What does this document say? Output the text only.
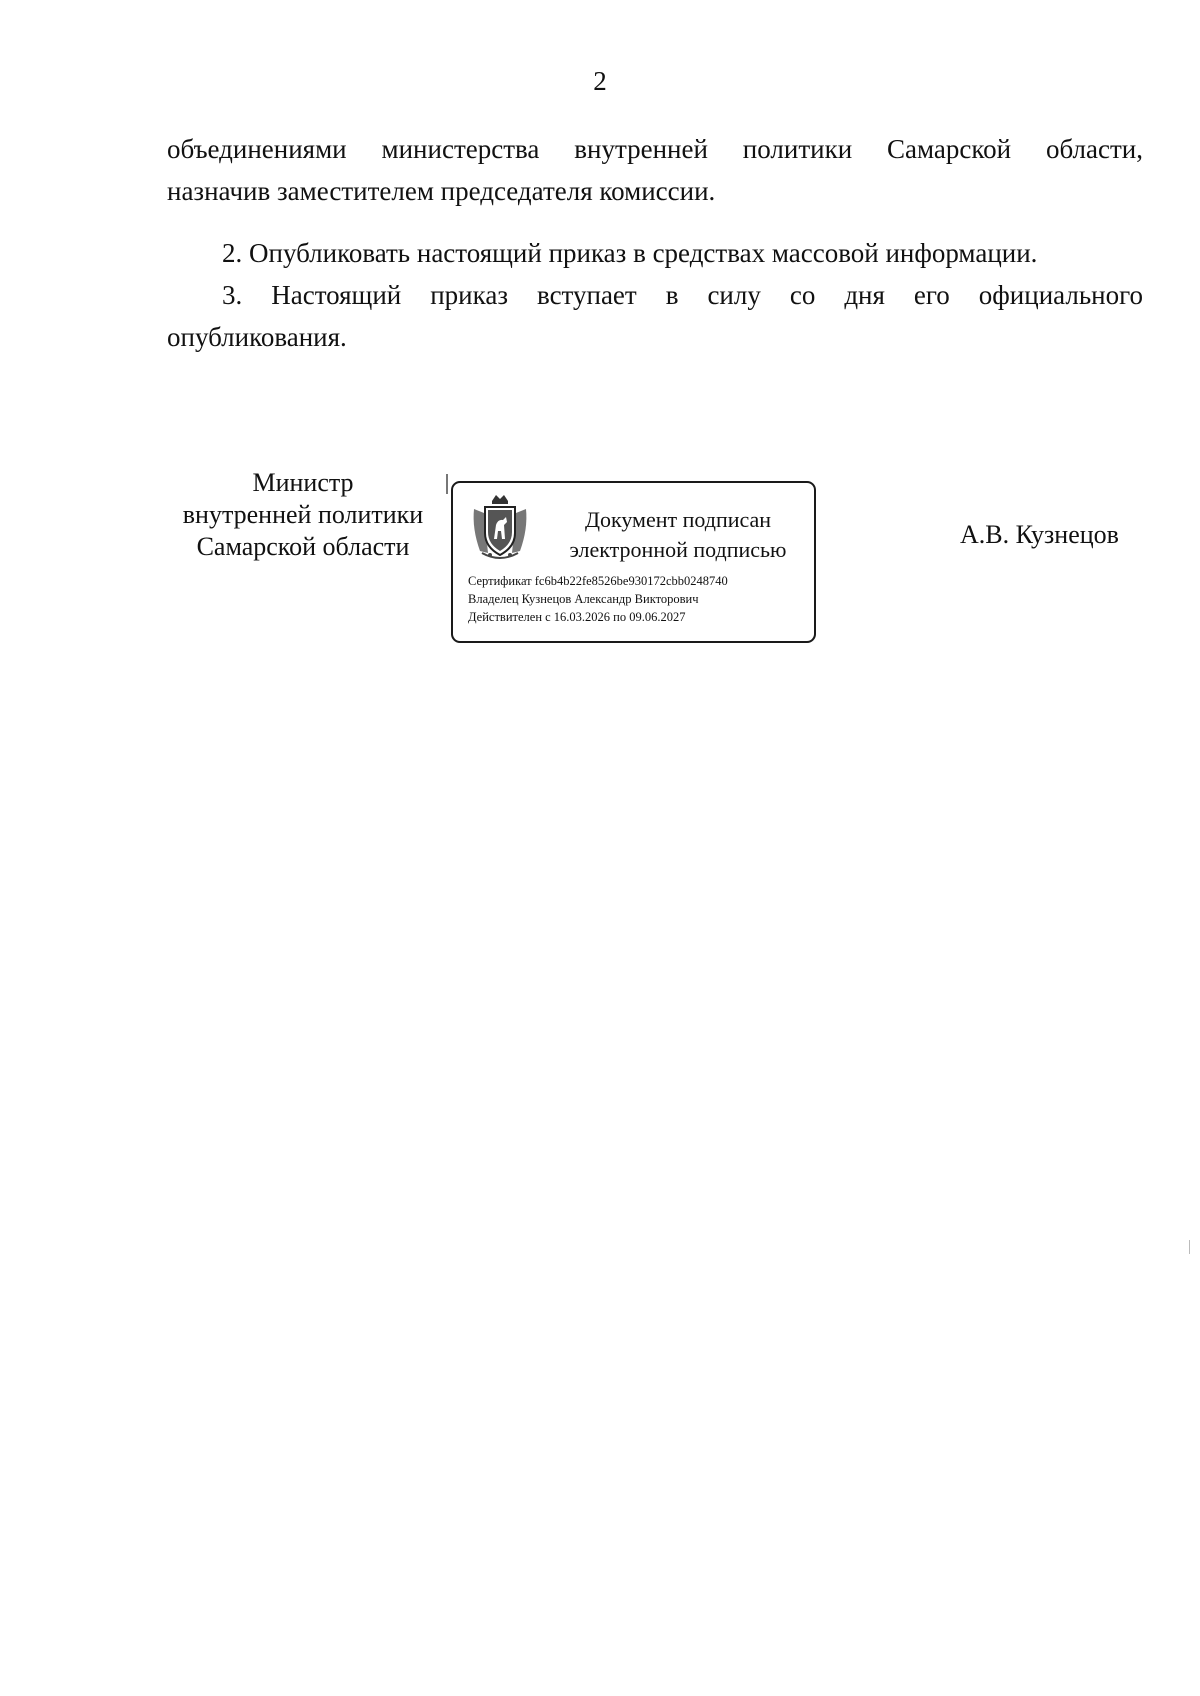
2
объединениями министерства внутренней политики Самарской области,
назначив заместителем председателя комиссии.
2. Опубликовать настоящий приказ в средствах массовой информации.
3. Настоящий приказ вступает в силу со дня его официального
опубликования.
Министр
внутренней политики
Самарской области
Документ подписан
электронной подписью
Сертификат fc6b4b22fe8526be930172cbb0248740
Владелец Кузнецов Александр Викторович
Действителен с 16.03.2026 по 09.06.2027
А.В. Кузнецов
